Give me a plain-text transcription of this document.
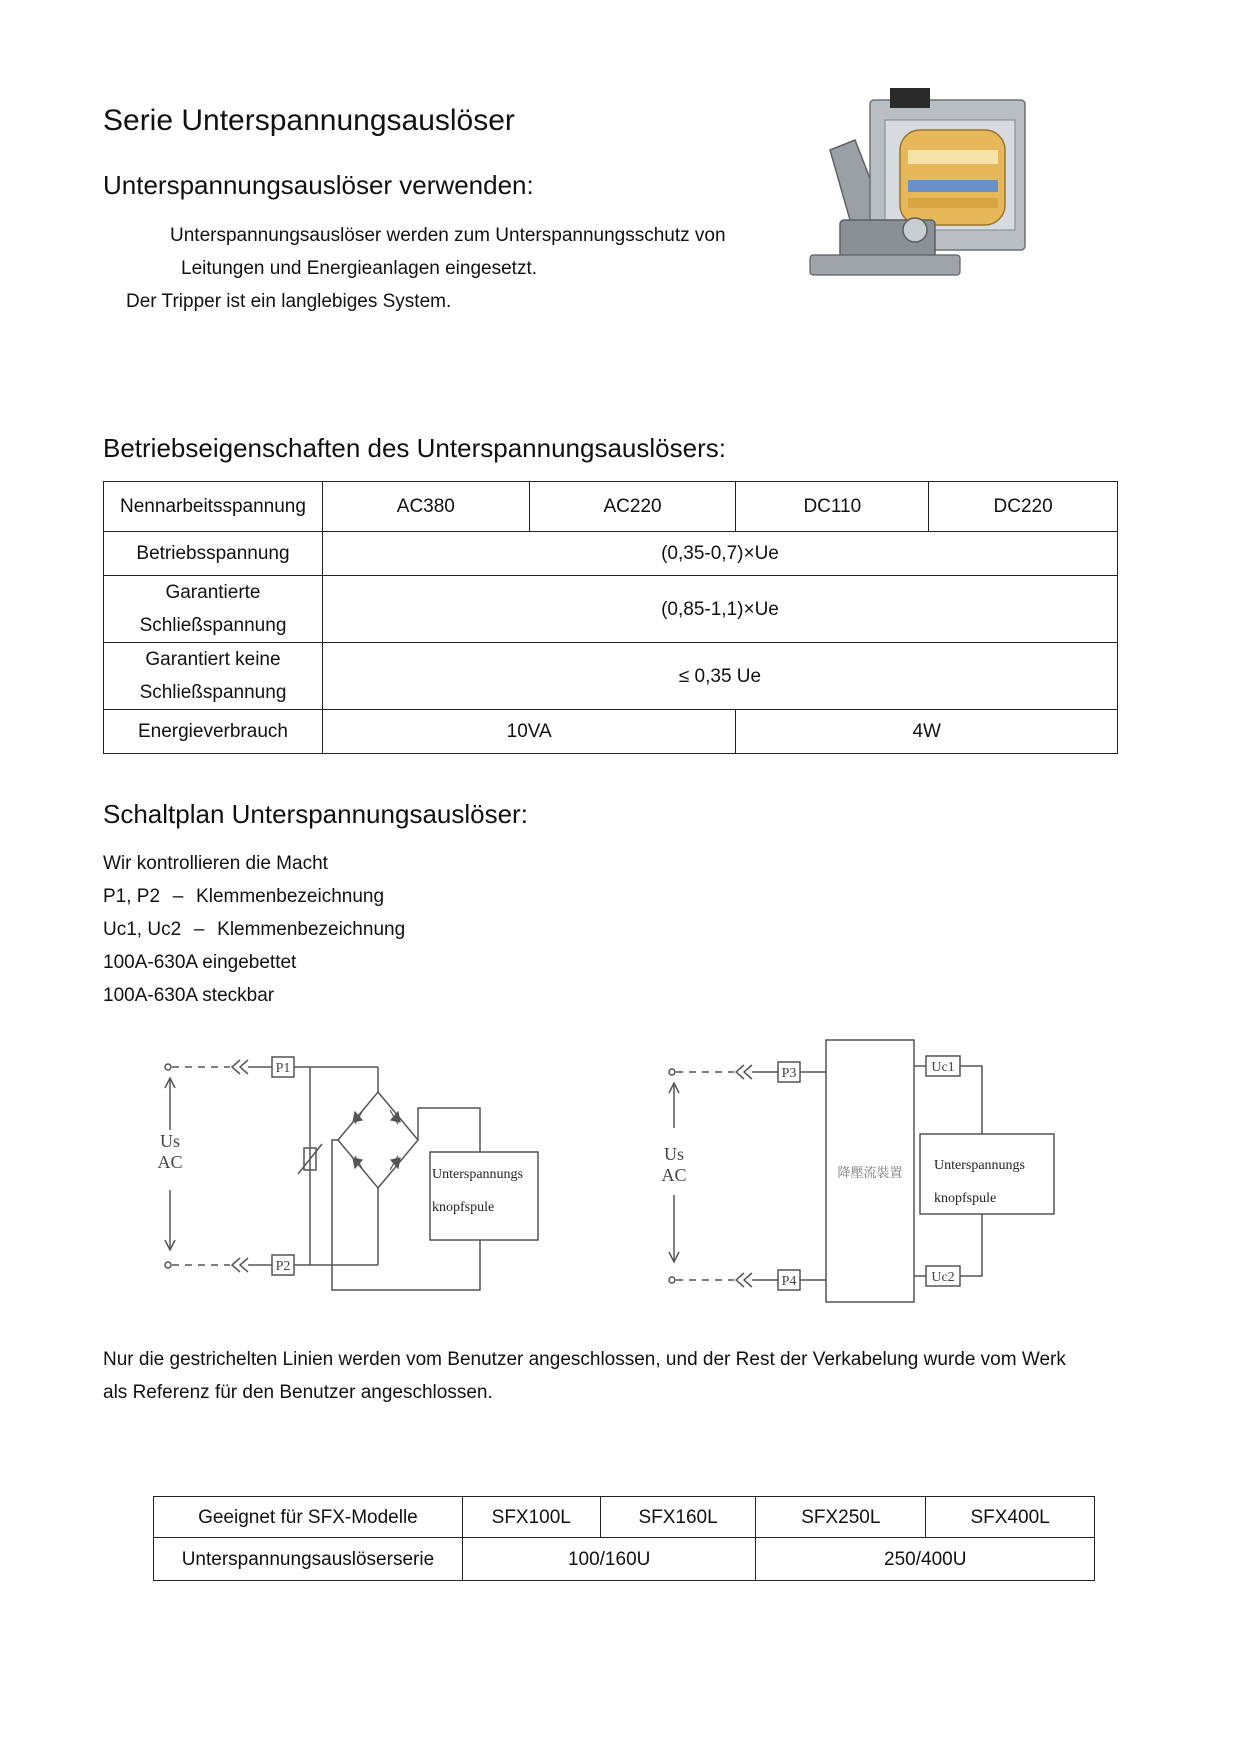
Serie Unterspannungsauslöser
Unterspannungsauslöser verwenden:
Unterspannungsauslöser werden zum Unterspannungsschutz von
Leitungen und Energieanlagen eingesetzt.
Der Tripper ist ein langlebiges System.
Betriebseigenschaften des Unterspannungsauslösers:
Nennarbeitsspannung	AC380	AC220	DC110	DC220
Betriebsspannung	(0,35-0,7)×Ue			

Garantierte
Schließspannung	(0,85-1,1)×Ue			

Garantiert keine
Schließspannung	≤ 0,35 Ue			
Energieverbrauch	10VA		4W	
Schaltplan Unterspannungsauslöser:
Wir kontrollieren die Macht
P1, P2 – Klemmenbezeichnung
Uc1, Uc2 – Klemmenbezeichnung
100A-630A eingebettet
100A-630A steckbar
P1
P2
Us
AC
Unterspannungs
knopfspule
P3
P4
Uc1
Uc2
Us
AC	降壓流裝置
Unterspannungs
knopfspule
Nur die gestrichelten Linien werden vom Benutzer angeschlossen, und der Rest der Verkabelung wurde vom Werk
als Referenz für den Benutzer angeschlossen.
Geeignet für SFX-Modelle	SFX100L	SFX160L	SFX250L	SFX400L
Unterspannungsauslöserserie	100/160U		250/400U	
